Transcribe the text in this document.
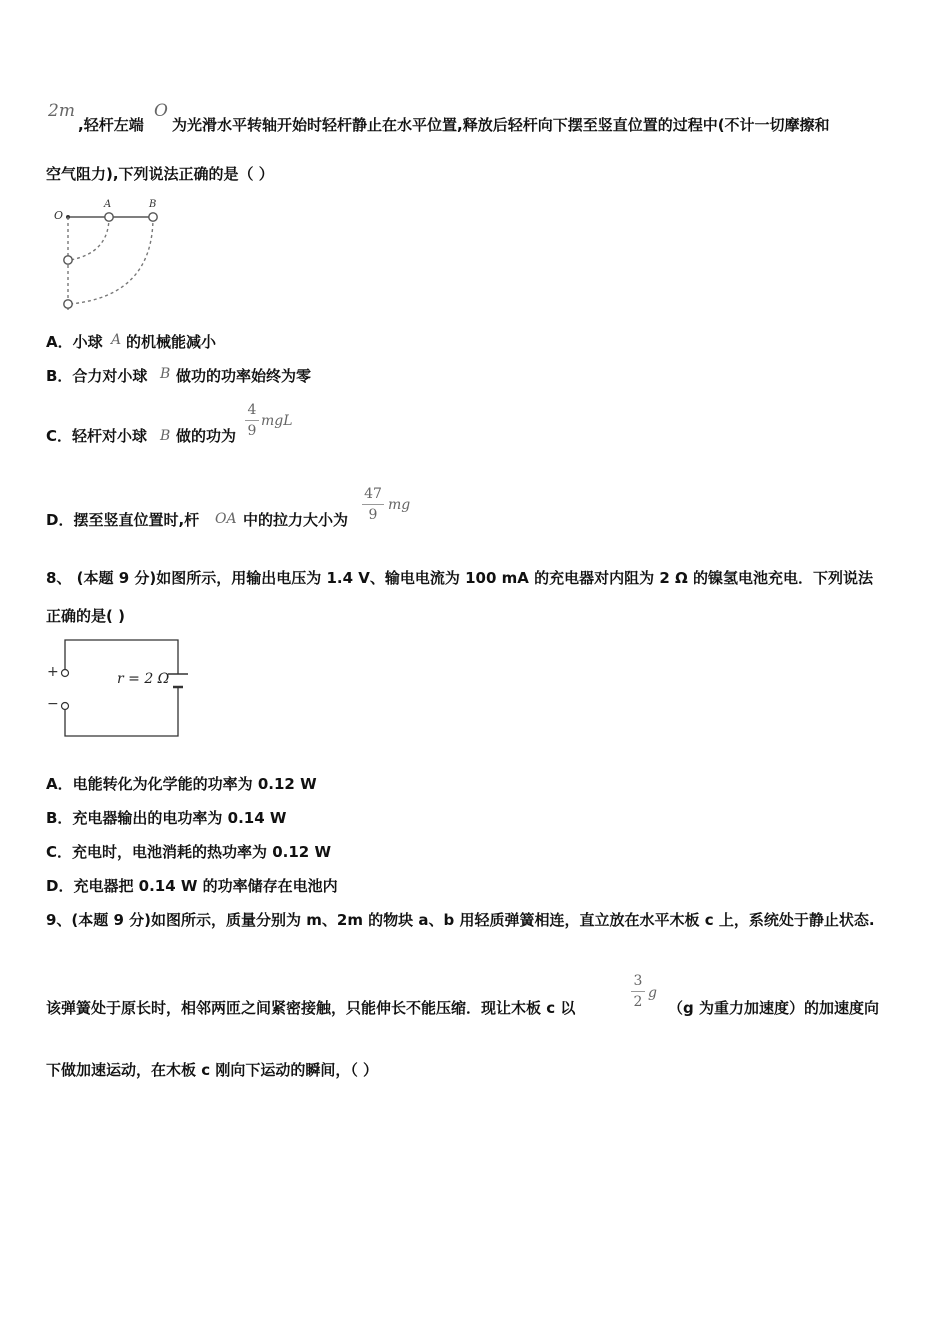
2m
,轻杆左端
O
为光滑水平转轴开始时轻杆静止在水平位置,释放后轻杆向下摆至竖直位置的过程中(不计一切摩擦和
空气阻力),下列说法正确的是（ ）
O
A	B
A．小球 A 的机械能减小
B．合力对小球 B 做功的功率始终为零
C．轻杆对小球 B 做的功为
4
9
mgL
D．摆至竖直位置时,杆 OA 中的拉力大小为
47
9
mg
8、 (本题 9 分)如图所示，用输出电压为 1.4 V、输电电流为 100 mA 的充电器对内阻为 2 Ω 的镍氢电池充电．下列说法
正确的是( )
+
−
r = 2 Ω
A．电能转化为化学能的功率为 0.12 W
B．充电器输出的电功率为 0.14 W
C．充电时，电池消耗的热功率为 0.12 W
D．充电器把 0.14 W 的功率储存在电池内
9、(本题 9 分)如图所示，质量分别为 m、2m 的物块 a、b 用轻质弹簧相连，直立放在水平木板 c 上，系统处于静止状态.
该弹簧处于原长时，相邻两匝之间紧密接触，只能伸长不能压缩．现让木板 c 以
3
2
g
（g 为重力加速度）的加速度向
下做加速运动，在木板 c 刚向下运动的瞬间，（ ）
